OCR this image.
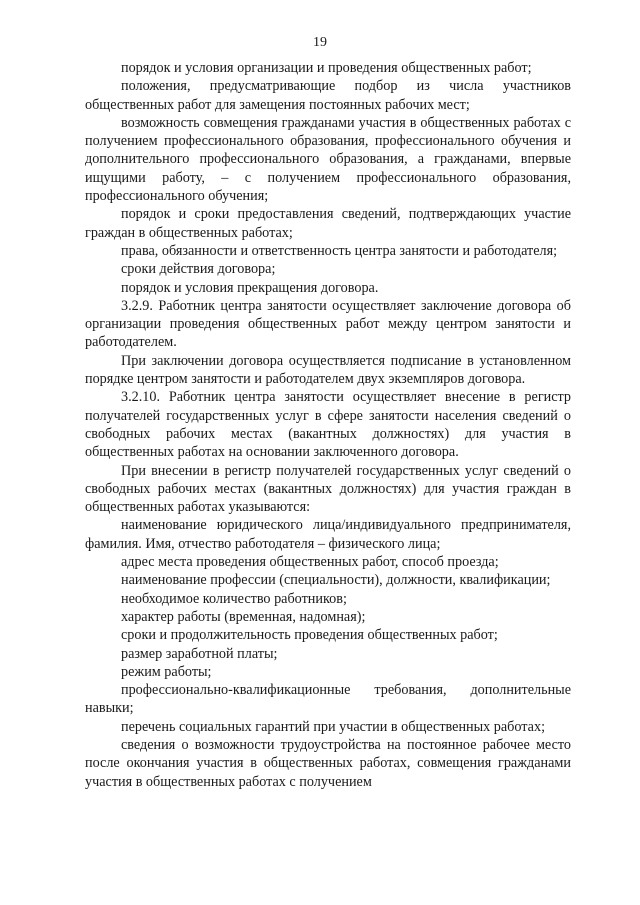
19

порядок и условия организации и проведения общественных работ;

положения, предусматривающие подбор из числа участников общественных работ для замещения постоянных рабочих мест;

возможность совмещения гражданами участия в общественных работах с получением профессионального образования, профессионального обучения и дополнительного профессионального образования, а гражданами, впервые ищущими работу, – с получением профессионального образования, профессионального обучения;

порядок и сроки предоставления сведений, подтверждающих участие граждан в общественных работах;

права, обязанности и ответственность центра занятости и работодателя;

сроки действия договора;

порядок и условия прекращения договора.

3.2.9. Работник центра занятости осуществляет заключение договора об организации проведения общественных работ между центром занятости и работодателем.

При заключении договора осуществляется подписание в установленном порядке центром занятости и работодателем двух экземпляров договора.

3.2.10. Работник центра занятости осуществляет внесение в регистр получателей государственных услуг в сфере занятости населения сведений о свободных рабочих местах (вакантных должностях) для участия в общественных работах на основании заключенного договора.

При внесении в регистр получателей государственных услуг сведений о свободных рабочих местах (вакантных должностях) для участия граждан в общественных работах указываются:

наименование юридического лица/индивидуального предпринимателя, фамилия. Имя, отчество работодателя – физического лица;

адрес места проведения общественных работ, способ проезда;

наименование профессии (специальности), должности, квалификации;

необходимое количество работников;

характер работы (временная, надомная);

сроки и продолжительность проведения общественных работ;

размер заработной платы;

режим работы;

профессионально-квалификационные требования, дополнительные навыки;

перечень социальных гарантий при участии в общественных работах;

сведения о возможности трудоустройства на постоянное рабочее место после окончания участия в общественных работах, совмещения гражданами участия в общественных работах с получением
